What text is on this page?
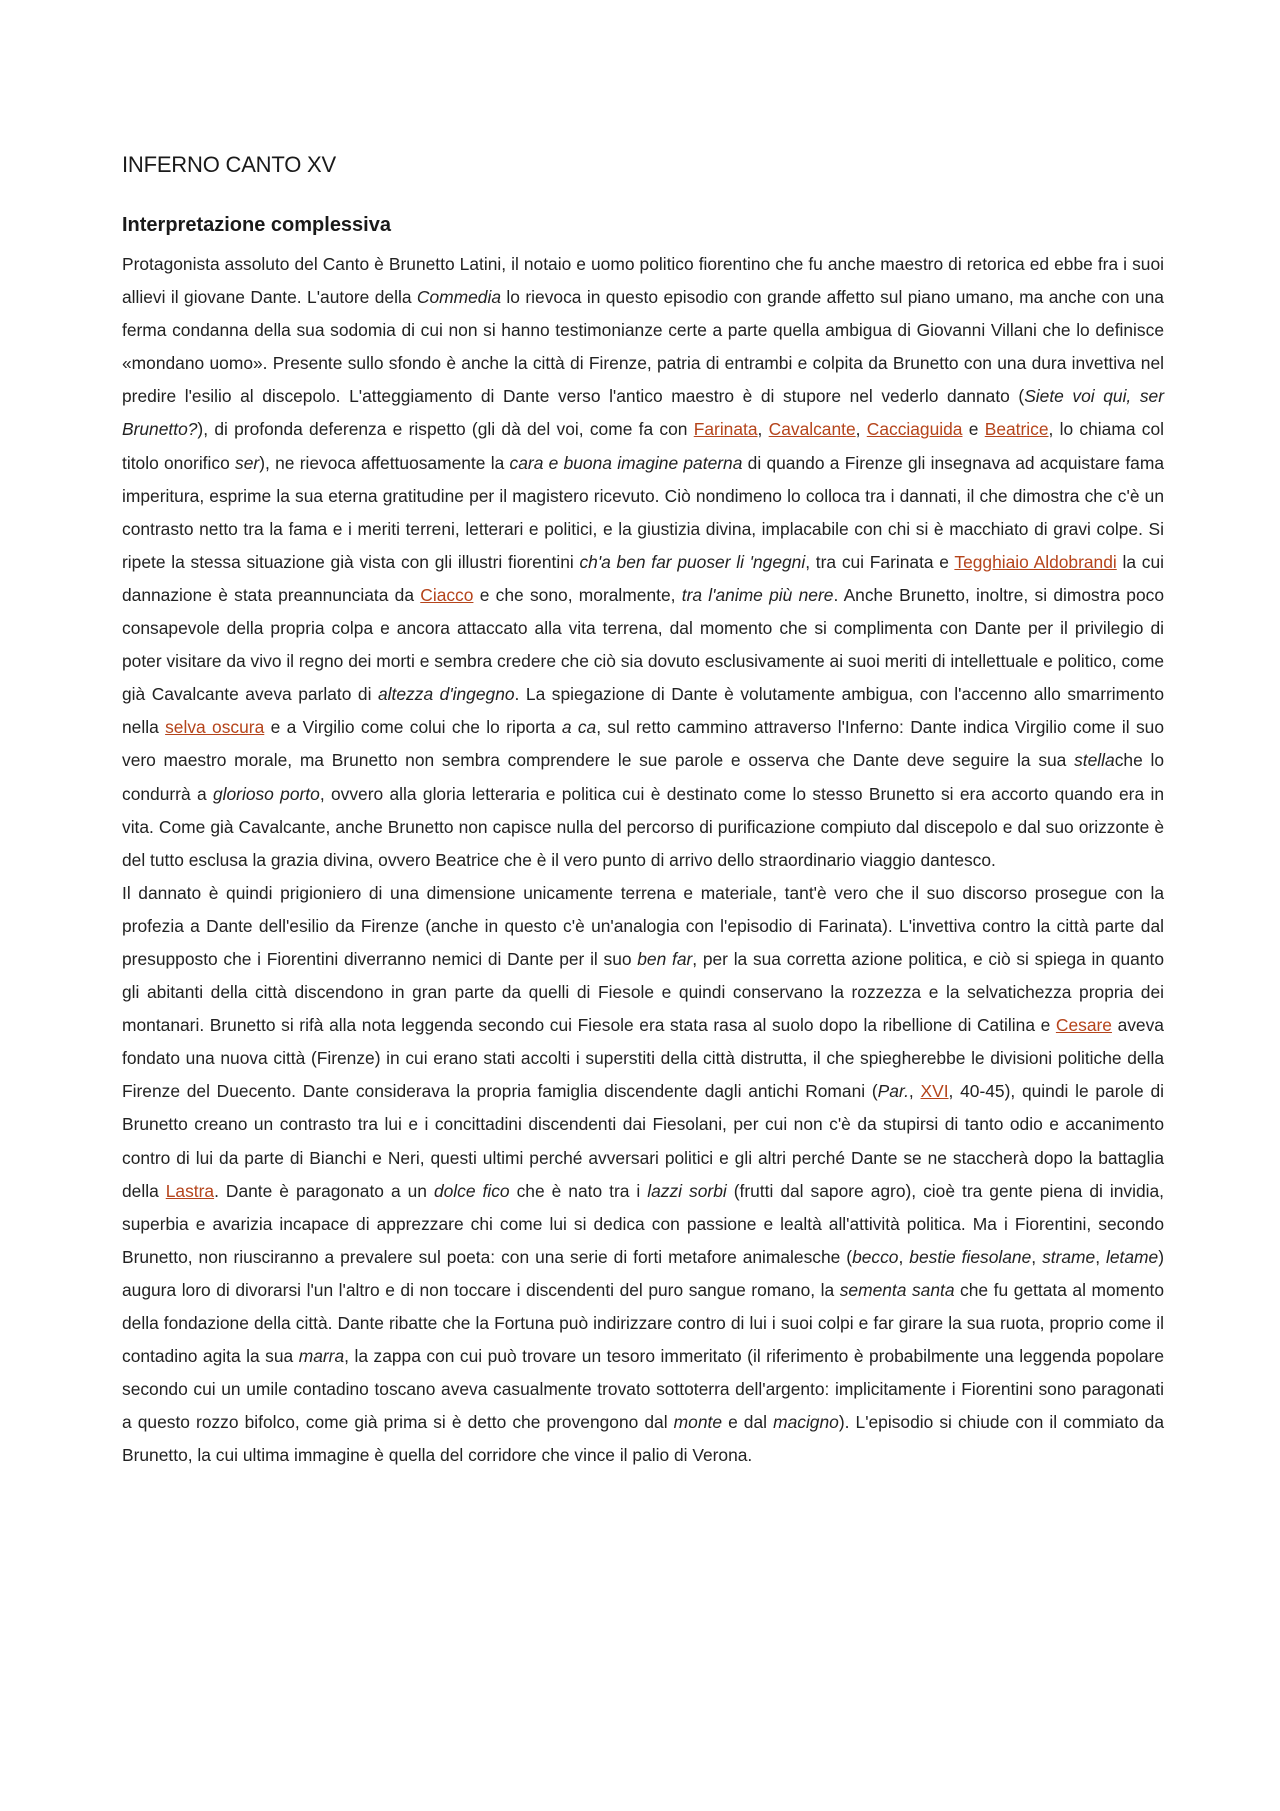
INFERNO CANTO XV
Interpretazione complessiva

Protagonista assoluto del Canto è Brunetto Latini, il notaio e uomo politico fiorentino che fu anche maestro di retorica ed ebbe fra i suoi allievi il giovane Dante. L'autore della Commedia lo rievoca in questo episodio con grande affetto sul piano umano, ma anche con una ferma condanna della sua sodomia di cui non si hanno testimonianze certe a parte quella ambigua di Giovanni Villani che lo definisce «mondano uomo». Presente sullo sfondo è anche la città di Firenze, patria di entrambi e colpita da Brunetto con una dura invettiva nel predire l'esilio al discepolo. L'atteggiamento di Dante verso l'antico maestro è di stupore nel vederlo dannato (Siete voi qui, ser Brunetto?), di profonda deferenza e rispetto (gli dà del voi, come fa con Farinata, Cavalcante, Cacciaguida e Beatrice, lo chiama col titolo onorifico ser), ne rievoca affettuosamente la cara e buona imagine paterna di quando a Firenze gli insegnava ad acquistare fama imperitura, esprime la sua eterna gratitudine per il magistero ricevuto. Ciò nondimeno lo colloca tra i dannati, il che dimostra che c'è un contrasto netto tra la fama e i meriti terreni, letterari e politici, e la giustizia divina, implacabile con chi si è macchiato di gravi colpe. Si ripete la stessa situazione già vista con gli illustri fiorentini ch'a ben far puoser li 'ngegni, tra cui Farinata e Tegghiaio Aldobrandi la cui dannazione è stata preannunciata da Ciacco e che sono, moralmente, tra l'anime più nere. Anche Brunetto, inoltre, si dimostra poco consapevole della propria colpa e ancora attaccato alla vita terrena, dal momento che si complimenta con Dante per il privilegio di poter visitare da vivo il regno dei morti e sembra credere che ciò sia dovuto esclusivamente ai suoi meriti di intellettuale e politico, come già Cavalcante aveva parlato di altezza d'ingegno. La spiegazione di Dante è volutamente ambigua, con l'accenno allo smarrimento nella selva oscura e a Virgilio come colui che lo riporta a ca, sul retto cammino attraverso l'Inferno: Dante indica Virgilio come il suo vero maestro morale, ma Brunetto non sembra comprendere le sue parole e osserva che Dante deve seguire la sua stellache lo condurrà a glorioso porto, ovvero alla gloria letteraria e politica cui è destinato come lo stesso Brunetto si era accorto quando era in vita. Come già Cavalcante, anche Brunetto non capisce nulla del percorso di purificazione compiuto dal discepolo e dal suo orizzonte è del tutto esclusa la grazia divina, ovvero Beatrice che è il vero punto di arrivo dello straordinario viaggio dantesco.

Il dannato è quindi prigioniero di una dimensione unicamente terrena e materiale, tant'è vero che il suo discorso prosegue con la profezia a Dante dell'esilio da Firenze (anche in questo c'è un'analogia con l'episodio di Farinata). L'invettiva contro la città parte dal presupposto che i Fiorentini diverranno nemici di Dante per il suo ben far, per la sua corretta azione politica, e ciò si spiega in quanto gli abitanti della città discendono in gran parte da quelli di Fiesole e quindi conservano la rozzezza e la selvatichezza propria dei montanari. Brunetto si rifà alla nota leggenda secondo cui Fiesole era stata rasa al suolo dopo la ribellione di Catilina e Cesare aveva fondato una nuova città (Firenze) in cui erano stati accolti i superstiti della città distrutta, il che spiegherebbe le divisioni politiche della Firenze del Duecento. Dante considerava la propria famiglia discendente dagli antichi Romani (Par., XVI, 40-45), quindi le parole di Brunetto creano un contrasto tra lui e i concittadini discendenti dai Fiesolani, per cui non c'è da stupirsi di tanto odio e accanimento contro di lui da parte di Bianchi e Neri, questi ultimi perché avversari politici e gli altri perché Dante se ne staccherà dopo la battaglia della Lastra. Dante è paragonato a un dolce fico che è nato tra i lazzi sorbi (frutti dal sapore agro), cioè tra gente piena di invidia, superbia e avarizia incapace di apprezzare chi come lui si dedica con passione e lealtà all'attività politica. Ma i Fiorentini, secondo Brunetto, non riusciranno a prevalere sul poeta: con una serie di forti metafore animalesche (becco, bestie fiesolane, strame, letame) augura loro di divorarsi l'un l'altro e di non toccare i discendenti del puro sangue romano, la sementa santa che fu gettata al momento della fondazione della città. Dante ribatte che la Fortuna può indirizzare contro di lui i suoi colpi e far girare la sua ruota, proprio come il contadino agita la sua marra, la zappa con cui può trovare un tesoro immeritato (il riferimento è probabilmente una leggenda popolare secondo cui un umile contadino toscano aveva casualmente trovato sottoterra dell'argento: implicitamente i Fiorentini sono paragonati a questo rozzo bifolco, come già prima si è detto che provengono dal monte e dal macigno). L'episodio si chiude con il commiato da Brunetto, la cui ultima immagine è quella del corridore che vince il palio di Verona.
